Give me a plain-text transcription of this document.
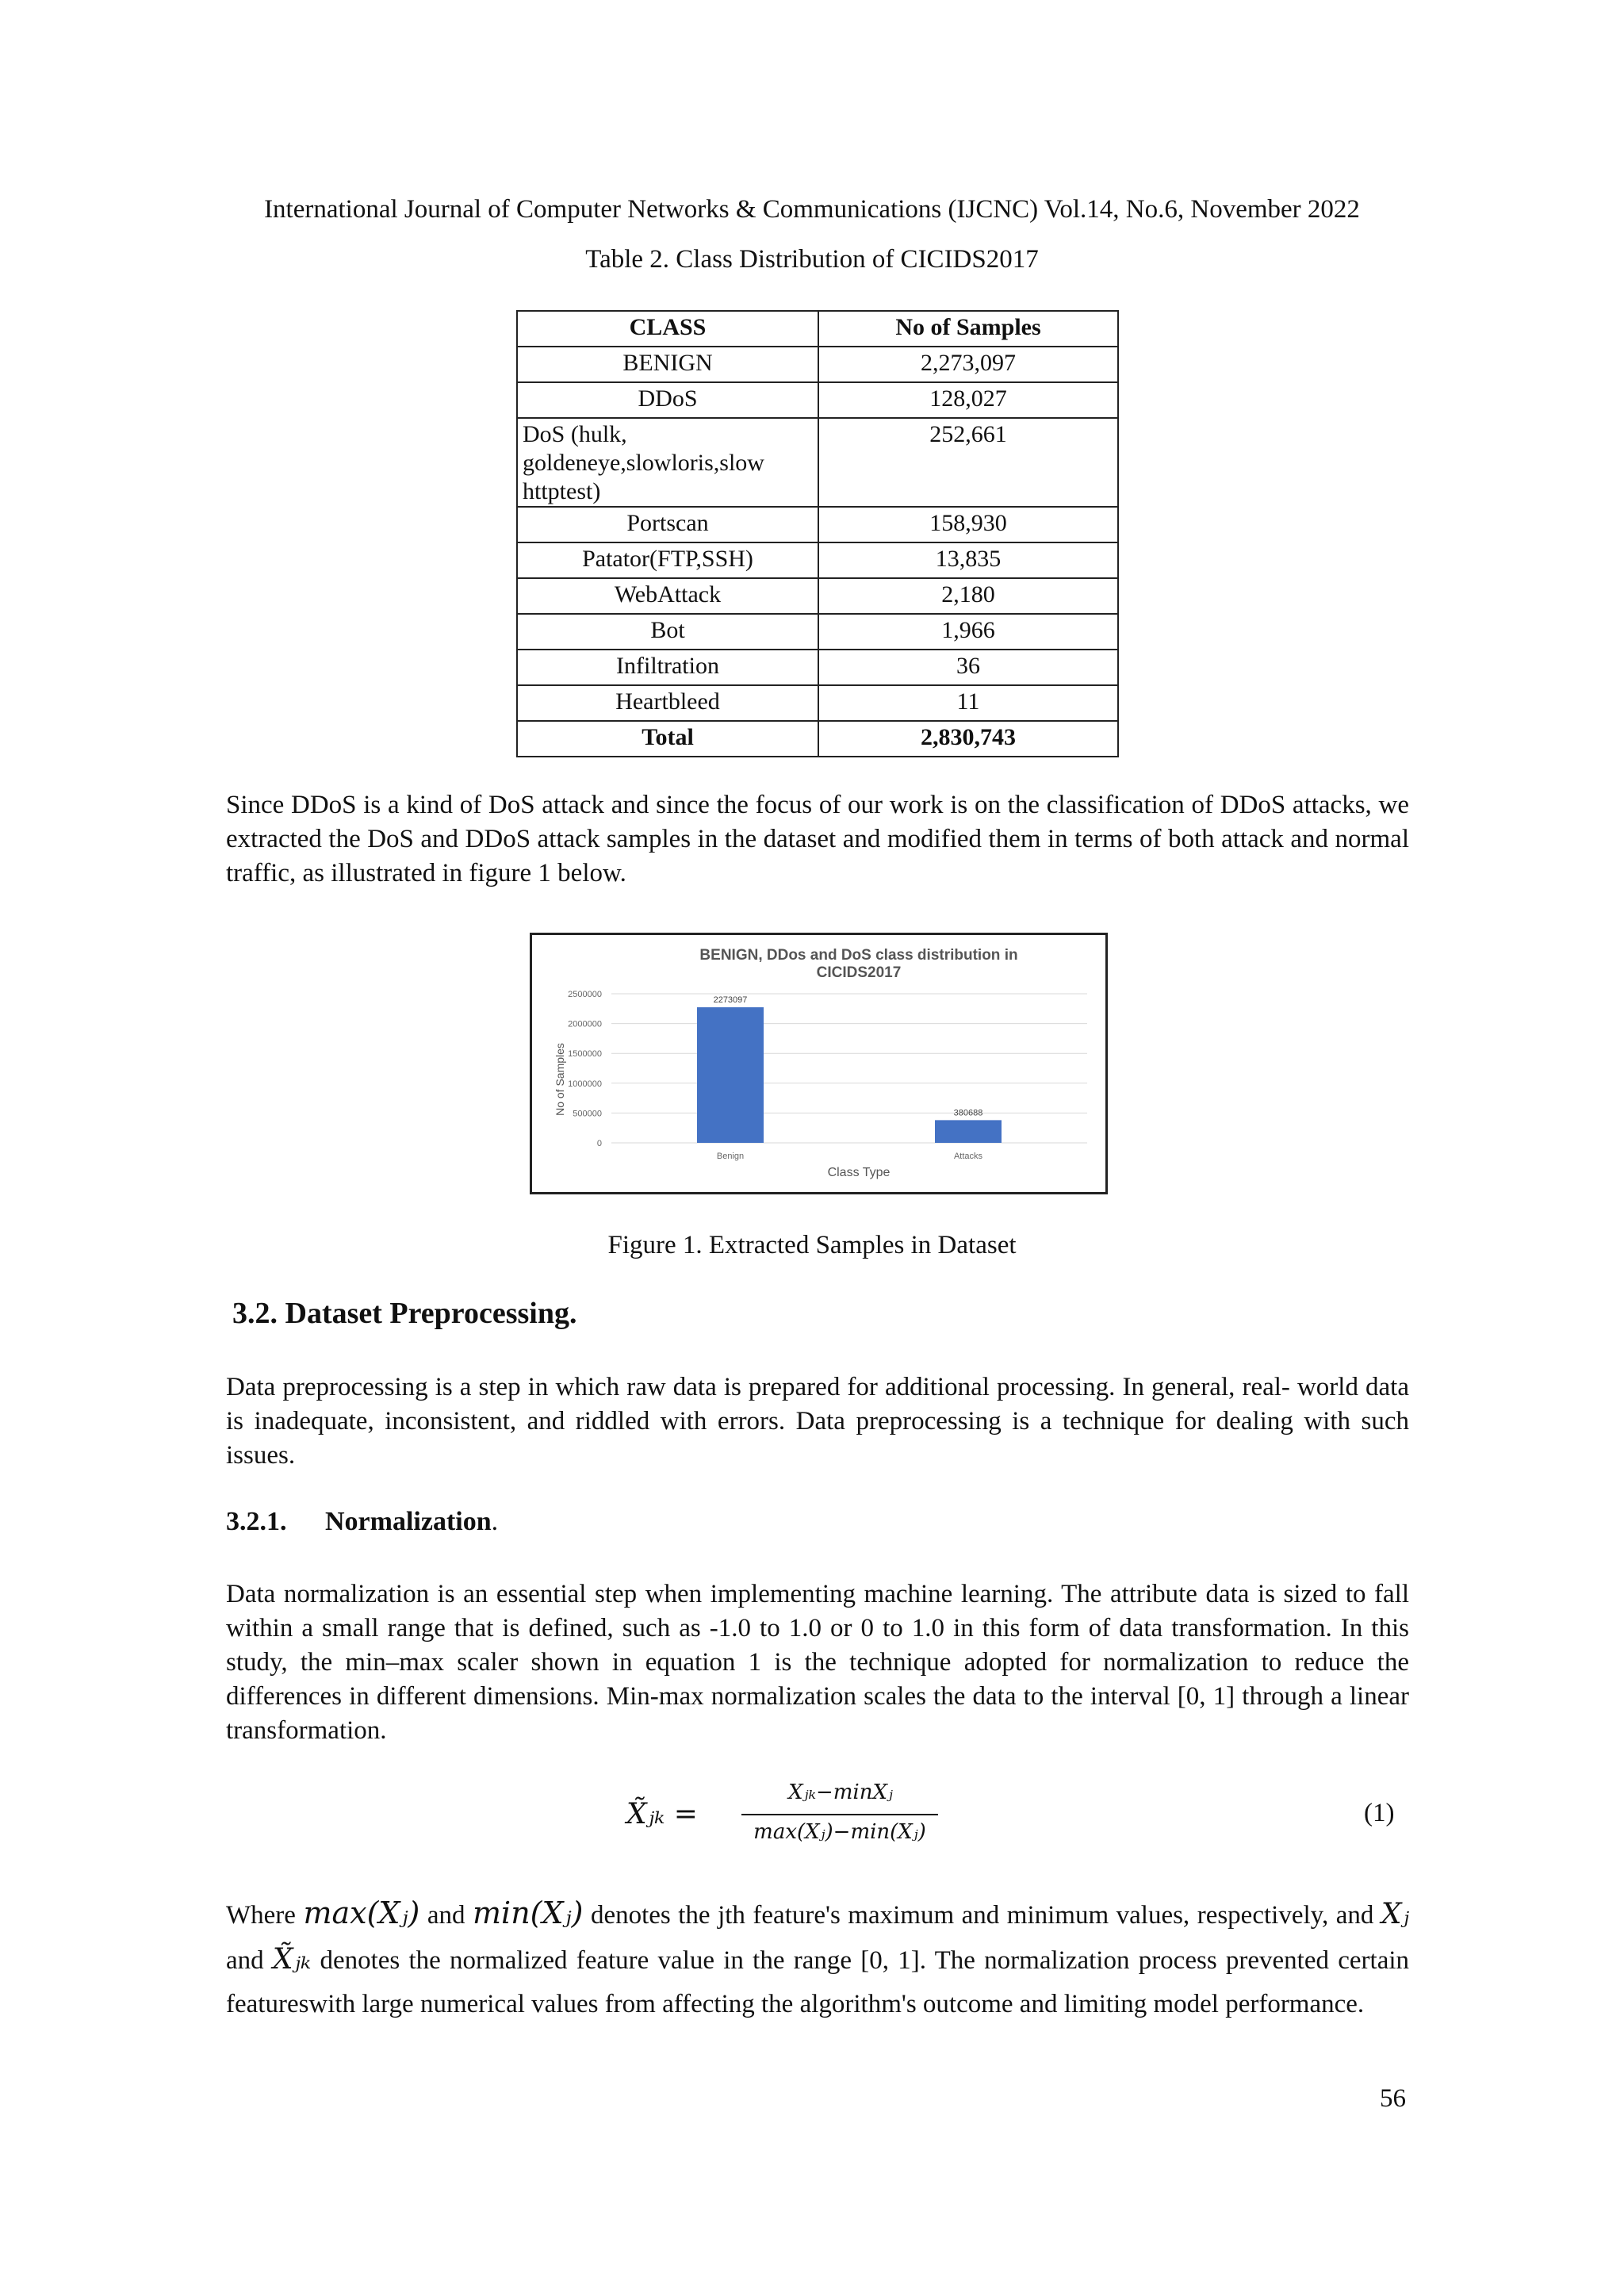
International Journal of Computer Networks & Communications (IJCNC) Vol.14, No.6, November 2022
Table 2. Class Distribution of CICIDS2017
CLASS	No of Samples
BENIGN	2,273,097
DDoS	128,027
DoS (hulk, goldeneye,slowloris,slow httptest)	252,661
Portscan	158,930
Patator(FTP,SSH)	13,835
WebAttack	2,180
Bot	1,966
Infiltration	36
Heartbleed	11
Total	2,830,743
Since DDoS is a kind of DoS attack and since the focus of our work is on the classification of DDoS attacks, we extracted the DoS and DDoS attack samples in the dataset and modified them in terms of both attack and normal traffic, as illustrated in figure 1 below.
BENIGN, DDos and DoS class distribution in
CICIDS2017
2500000
2000000
1500000
1000000
500000
0
2273097
380688
Benign	Attacks
No of Samples
Class Type
Figure 1. Extracted Samples in Dataset
3.2. Dataset Preprocessing.
Data preprocessing is a step in which raw data is prepared for additional processing. In general, real- world data is inadequate, inconsistent, and riddled with errors. Data preprocessing is a technique for dealing with such issues.
3.2.1. Normalization.
Data normalization is an essential step when implementing machine learning. The attribute data is sized to fall within a small range that is defined, such as -1.0 to 1.0 or 0 to 1.0 in this form of data transformation. In this study, the min–max scaler shown in equation 1 is the technique adopted for normalization to reduce the differences in different dimensions. Min-max normalization scales the data to the interval [0, 1] through a linear transformation.
X̃ⱼₖ =
Xⱼₖ−minXⱼ
max(Xⱼ)−min(Xⱼ)
(1)
Where max(Xⱼ) and min(Xⱼ) denotes the jth feature's maximum and minimum values, respectively, and Xⱼ and X̃ⱼₖ denotes the normalized feature value in the range [0, 1]. The normalization process prevented certain featureswith large numerical values from affecting the algorithm's outcome and limiting model performance.
56
